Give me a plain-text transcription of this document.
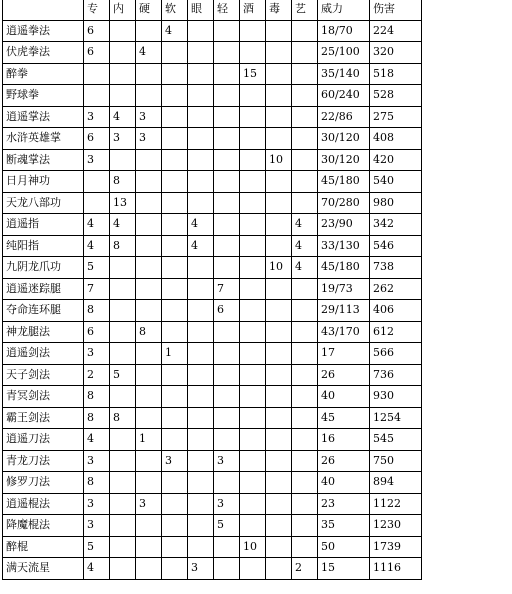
	专	内	硬	软	眼	轻	酒	毒	艺	威力	伤害
逍遥拳法	6			4						18/70	224
伏虎拳法	6		4							25/100	320
醉拳							15			35/140	518
野球拳										60/240	528
逍遥掌法	3	4	3							22/86	275
水浒英雄掌	6	3	3							30/120	408
断魂掌法	3							10		30/120	420
日月神功		8								45/180	540
天龙八部功		13								70/280	980
逍遥指	4	4			4				4	23/90	342
纯阳指	4	8			4				4	33/130	546
九阴龙爪功	5							10	4	45/180	738
逍遥迷踪腿	7					7				19/73	262
夺命连环腿	8					6				29/113	406
神龙腿法	6		8							43/170	612
逍遥剑法	3			1						17	566
天子剑法	2	5								26	736
青冥剑法	8									40	930
霸王剑法	8	8								45	1254
逍遥刀法	4		1							16	545
青龙刀法	3			3		3				26	750
修罗刀法	8									40	894
逍遥棍法	3		3			3				23	1122
降魔棍法	3					5				35	1230
醉棍	5						10			50	1739
满天流星	4				3				2	15	1116
